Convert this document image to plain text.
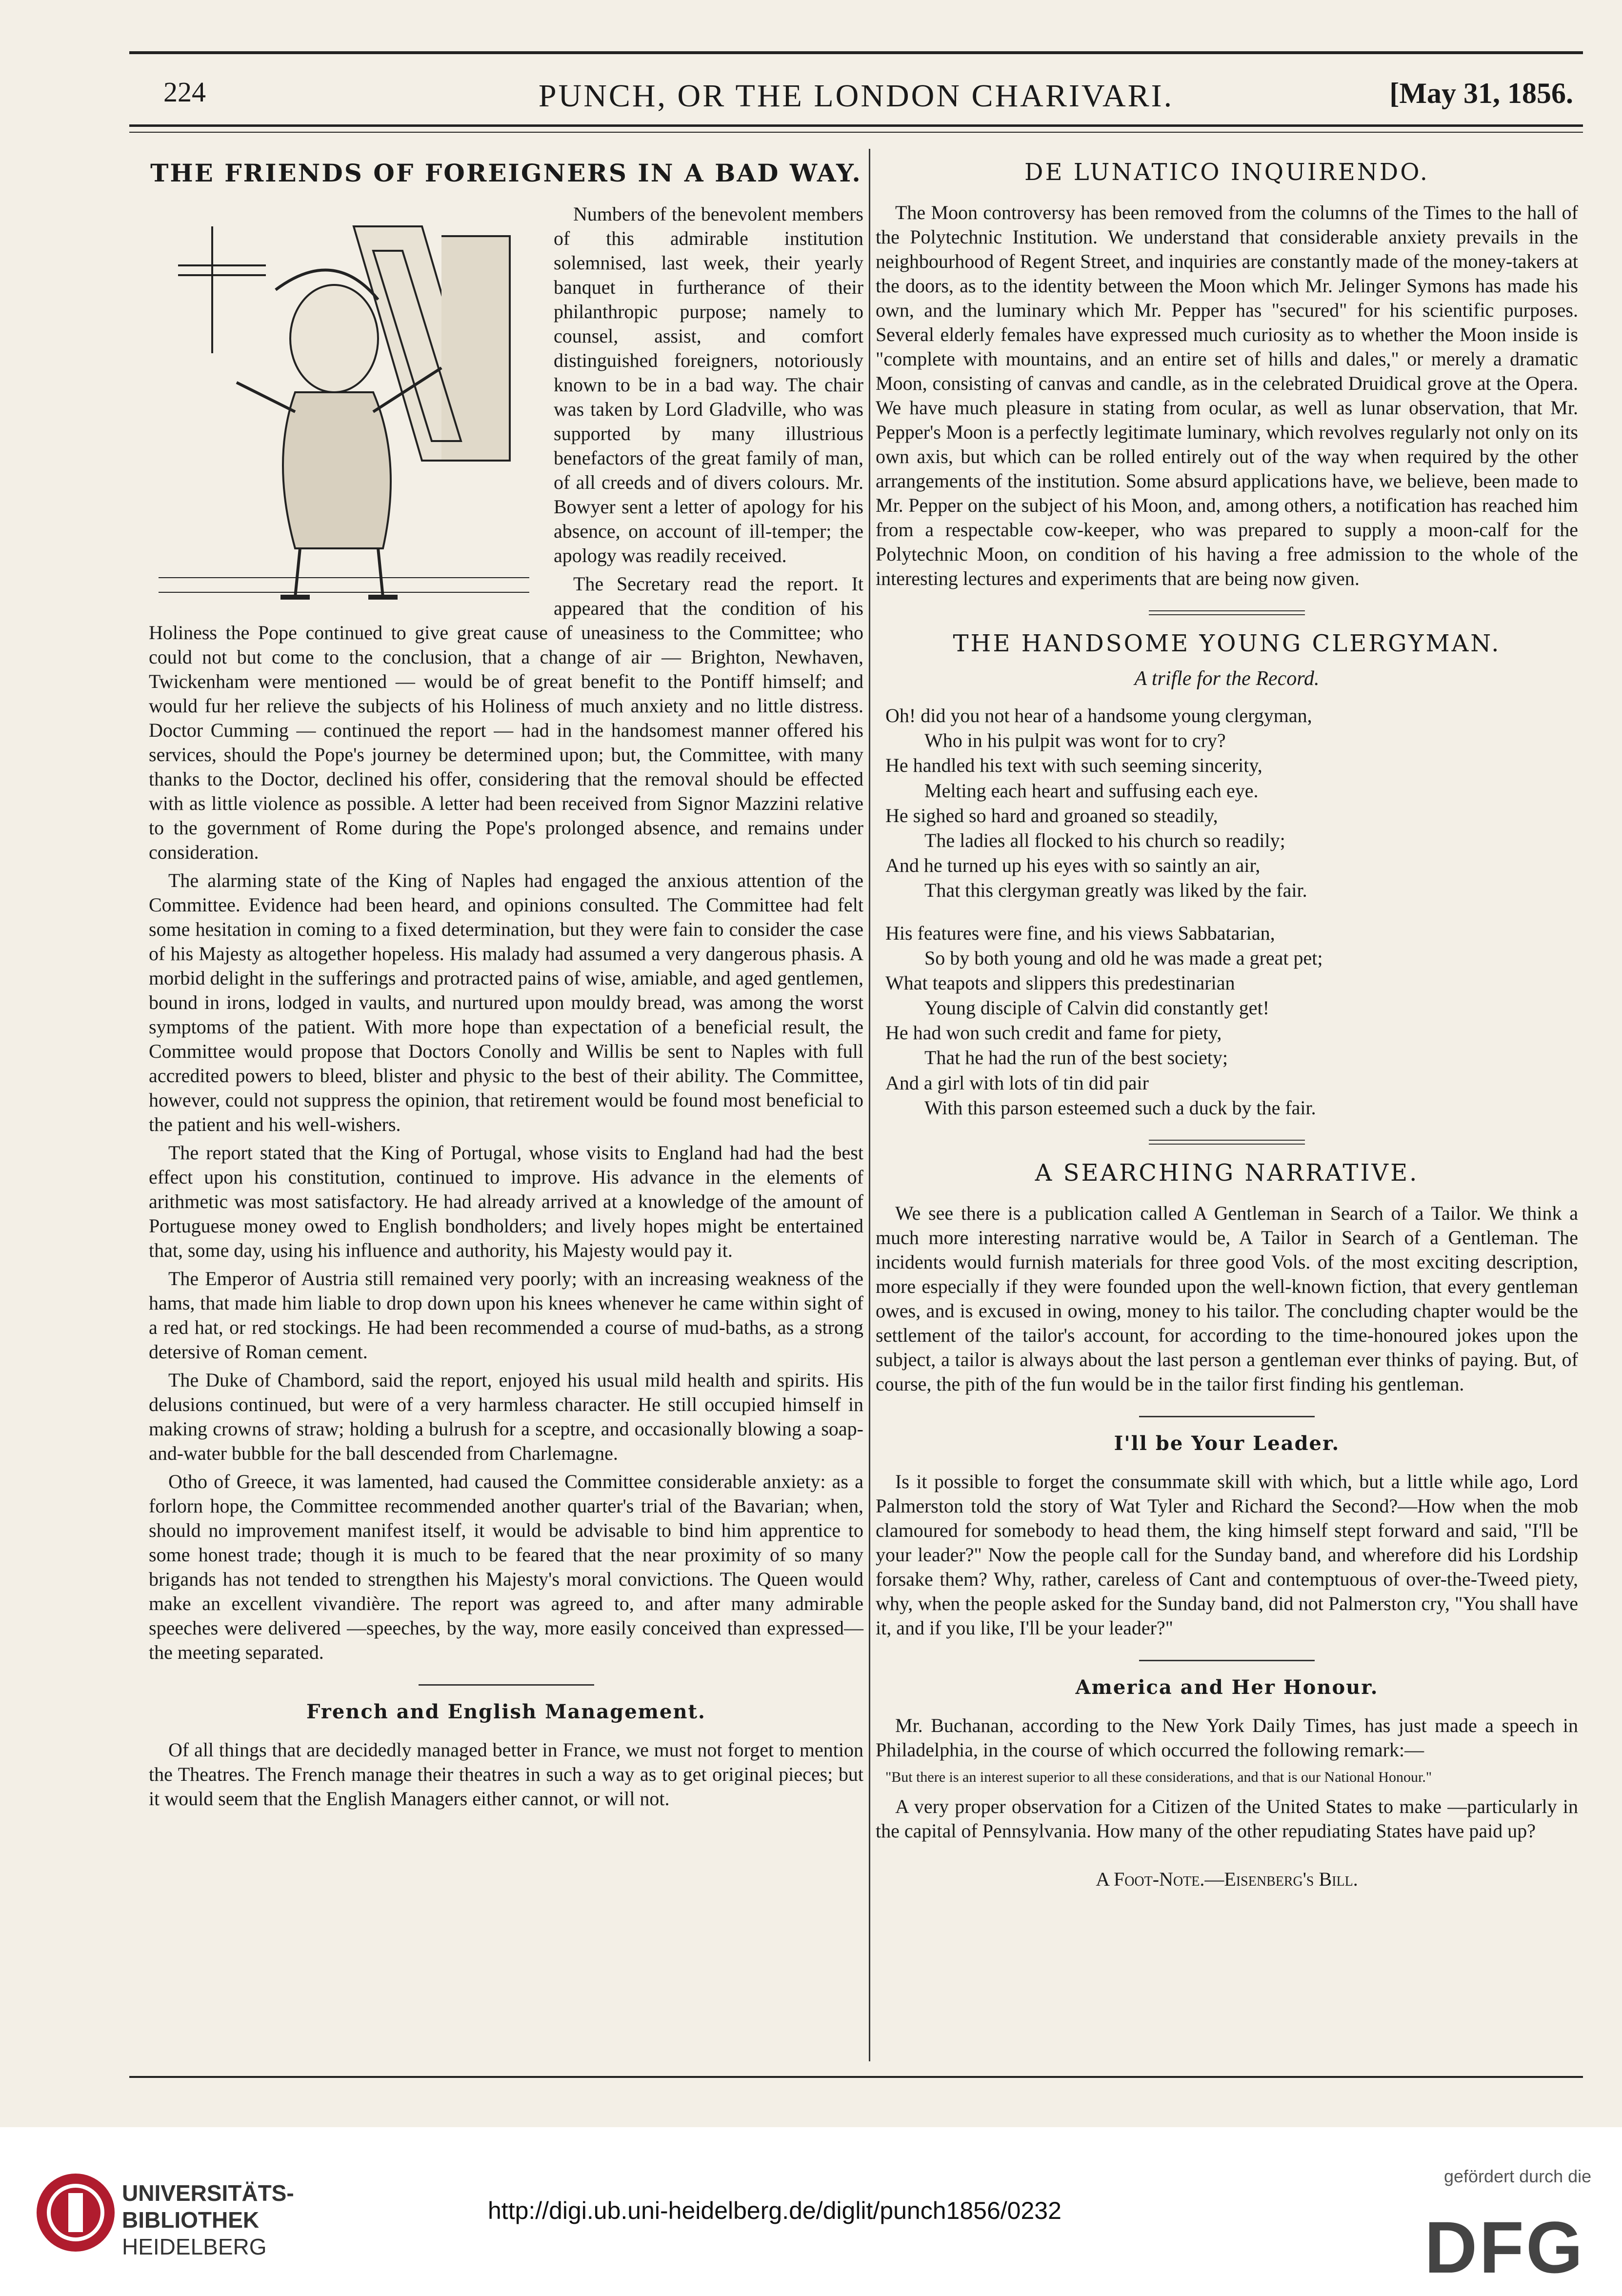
224	PUNCH, OR THE LONDON CHARIVARI.	[May 31, 1856.
THE FRIENDS OF FOREIGNERS IN A BAD WAY.

Numbers of the benevolent members of this admirable institution solemnised, last week, their yearly banquet in furtherance of their philanthropic purpose; namely to counsel, assist, and comfort distinguished foreigners, notoriously known to be in a bad way. The chair was taken by Lord Gladville, who was supported by many illustrious benefactors of the great family of man, of all creeds and of divers colours. Mr. Bowyer sent a letter of apology for his absence, on account of ill-temper; the apology was readily received.

The Secretary read the report. It appeared that the condition of his Holiness the Pope continued to give great cause of uneasiness to the Committee; who could not but come to the conclusion, that a change of air — Brighton, Newhaven, Twickenham were mentioned — would be of great benefit to the Pontiff himself; and would fur her relieve the subjects of his Holiness of much anxiety and no little distress. Doctor Cumming — continued the report — had in the handsomest manner offered his services, should the Pope's journey be determined upon; but, the Committee, with many thanks to the Doctor, declined his offer, considering that the removal should be effected with as little violence as possible. A letter had been received from Signor Mazzini relative to the government of Rome during the Pope's prolonged absence, and remains under consideration.

The alarming state of the King of Naples had engaged the anxious attention of the Committee. Evidence had been heard, and opinions consulted. The Committee had felt some hesitation in coming to a fixed determination, but they were fain to consider the case of his Majesty as altogether hopeless. His malady had assumed a very dangerous phasis. A morbid delight in the sufferings and protracted pains of wise, amiable, and aged gentlemen, bound in irons, lodged in vaults, and nurtured upon mouldy bread, was among the worst symptoms of the patient. With more hope than expectation of a beneficial result, the Committee would propose that Doctors Conolly and Willis be sent to Naples with full accredited powers to bleed, blister and physic to the best of their ability. The Committee, however, could not suppress the opinion, that retirement would be found most beneficial to the patient and his well-wishers.

The report stated that the King of Portugal, whose visits to England had had the best effect upon his constitution, continued to improve. His advance in the elements of arithmetic was most satisfactory. He had already arrived at a knowledge of the amount of Portuguese money owed to English bondholders; and lively hopes might be entertained that, some day, using his influence and authority, his Majesty would pay it.

The Emperor of Austria still remained very poorly; with an increasing weakness of the hams, that made him liable to drop down upon his knees whenever he came within sight of a red hat, or red stockings. He had been recommended a course of mud-baths, as a strong detersive of Roman cement.

The Duke of Chambord, said the report, enjoyed his usual mild health and spirits. His delusions continued, but were of a very harmless character. He still occupied himself in making crowns of straw; holding a bulrush for a sceptre, and occasionally blowing a soap-and-water bubble for the ball descended from Charlemagne.

Otho of Greece, it was lamented, had caused the Committee considerable anxiety: as a forlorn hope, the Committee recommended another quarter's trial of the Bavarian; when, should no improvement manifest itself, it would be advisable to bind him apprentice to some honest trade; though it is much to be feared that the near proximity of so many brigands has not tended to strengthen his Majesty's moral convictions. The Queen would make an excellent vivandière. The report was agreed to, and after many admirable speeches were delivered —speeches, by the way, more easily conceived than expressed—the meeting separated.

French and English Management.

Of all things that are decidedly managed better in France, we must not forget to mention the Theatres. The French manage their theatres in such a way as to get original pieces; but it would seem that the English Managers either cannot, or will not.

DE LUNATICO INQUIRENDO.

The Moon controversy has been removed from the columns of the Times to the hall of the Polytechnic Institution. We understand that considerable anxiety prevails in the neighbourhood of Regent Street, and inquiries are constantly made of the money-takers at the doors, as to the identity between the Moon which Mr. Jelinger Symons has made his own, and the luminary which Mr. Pepper has "secured" for his scientific purposes. Several elderly females have expressed much curiosity as to whether the Moon inside is "complete with mountains, and an entire set of hills and dales," or merely a dramatic Moon, consisting of canvas and candle, as in the celebrated Druidical grove at the Opera. We have much pleasure in stating from ocular, as well as lunar observation, that Mr. Pepper's Moon is a perfectly legitimate luminary, which revolves regularly not only on its own axis, but which can be rolled entirely out of the way when required by the other arrangements of the institution. Some absurd applications have, we believe, been made to Mr. Pepper on the subject of his Moon, and, among others, a notification has reached him from a respectable cow-keeper, who was prepared to supply a moon-calf for the Polytechnic Moon, on condition of his having a free admission to the whole of the interesting lectures and experiments that are being now given.

THE HANDSOME YOUNG CLERGYMAN.
A trifle for the Record.
Oh! did you not hear of a handsome young clergyman,
Who in his pulpit was wont for to cry?
He handled his text with such seeming sincerity,
Melting each heart and suffusing each eye.
He sighed so hard and groaned so steadily,
The ladies all flocked to his church so readily;
And he turned up his eyes with so saintly an air,
That this clergyman greatly was liked by the fair.
His features were fine, and his views Sabbatarian,
So by both young and old he was made a great pet;
What teapots and slippers this predestinarian
Young disciple of Calvin did constantly get!
He had won such credit and fame for piety,
That he had the run of the best society;
And a girl with lots of tin did pair
With this parson esteemed such a duck by the fair.
A SEARCHING NARRATIVE.

We see there is a publication called A Gentleman in Search of a Tailor. We think a much more interesting narrative would be, A Tailor in Search of a Gentleman. The incidents would furnish materials for three good Vols. of the most exciting description, more especially if they were founded upon the well-known fiction, that every gentleman owes, and is excused in owing, money to his tailor. The concluding chapter would be the settlement of the tailor's account, for according to the time-honoured jokes upon the subject, a tailor is always about the last person a gentleman ever thinks of paying. But, of course, the pith of the fun would be in the tailor first finding his gentleman.

I'll be Your Leader.

Is it possible to forget the consummate skill with which, but a little while ago, Lord Palmerston told the story of Wat Tyler and Richard the Second?—How when the mob clamoured for somebody to head them, the king himself stept forward and said, "I'll be your leader?" Now the people call for the Sunday band, and wherefore did his Lordship forsake them? Why, rather, careless of Cant and contemptuous of over-the-Tweed piety, why, when the people asked for the Sunday band, did not Palmerston cry, "You shall have it, and if you like, I'll be your leader?"

America and Her Honour.

Mr. Buchanan, according to the New York Daily Times, has just made a speech in Philadelphia, in the course of which occurred the following remark:—

"But there is an interest superior to all these considerations, and that is our National Honour."

A very proper observation for a Citizen of the United States to make —particularly in the capital of Pennsylvania. How many of the other repudiating States have paid up?

A Foot-Note.—Eisenberg's Bill.
UNIVERSITÄTS-
BIBLIOTHEK
HEIDELBERG
http://digi.ub.uni-heidelberg.de/diglit/punch1856/0232
gefördert durch die
DFG
